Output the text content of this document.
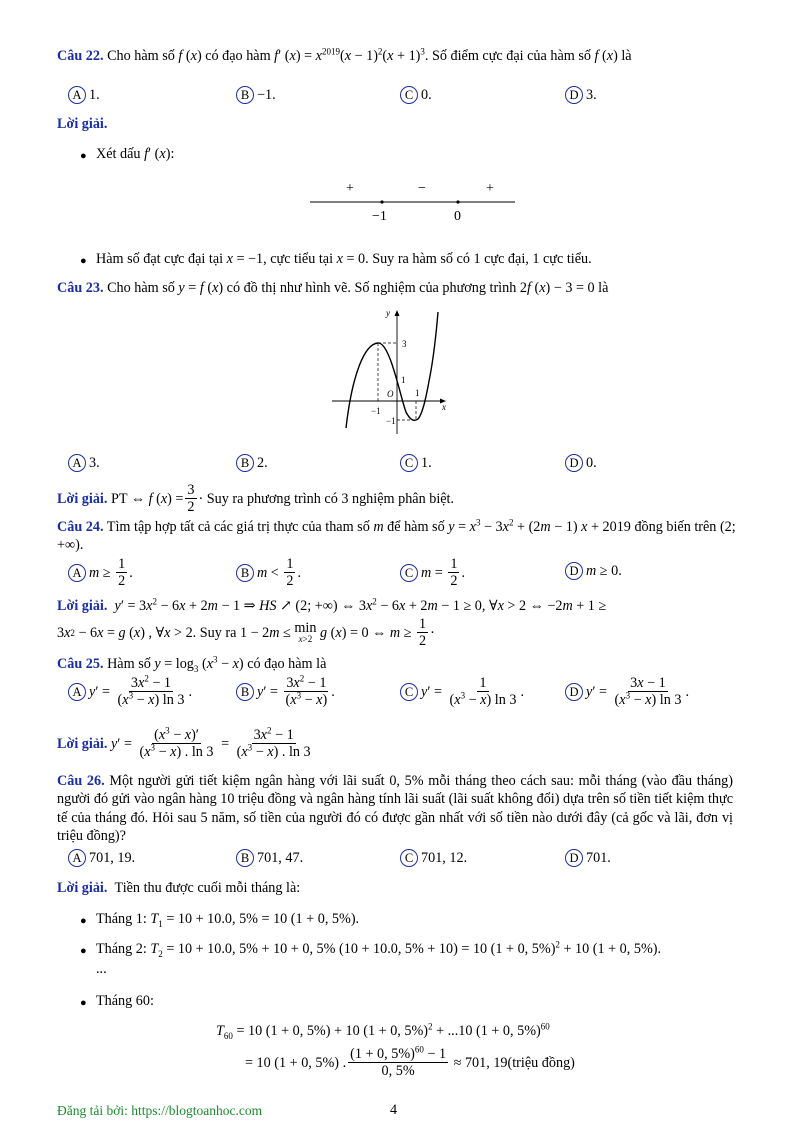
Câu 22. Cho hàm số f (x) có đạo hàm f′ $(x) = x^{2019}(x - 1)^2(x + 1)^3$. Số điểm cực đại của hàm số f (x) là
A 1.	B −1.	C 0.	D 3.
Lời giải.
● Xét dấu f′ (x):
+	−	+
−1	0
● Hàm số đạt cực đại tại x = −1, cực tiểu tại x = 0. Suy ra hàm số có 1 cực đại, 1 cực tiểu.
Câu 23. Cho hàm số y = f (x) có đồ thị như hình vẽ. Số nghiệm của phương trình 2f (x) − 3 = 0 là
y
x
O
3
1
1
−1
−1
A 3.	B 2.	C 1.	D 0.
Lời giải. PT ⇔ f ( x ) = $\frac{3}{2}$ · Suy ra phương trình có 3 nghiệm phân biệt.
Câu 24. Tìm tập hợp tất cả các giá trị thực của tham số m để hàm số $y = x^3 - 3x^2 + (2m - 1) x + 2019$ đồng biến trên (2; +∞).
A $m \ge \frac{1}{2}$ .	B $m < \frac{1}{2}$ .	C $m = \frac{1}{2}$ .	D m ≥ 0.
Lời giải. $y' = 3x^2 - 6x + 2m - 1$ ⇒ HS ↗ (2; +∞) ⇔ $3x^2 - 6x + 2m - 1 \ge 0$, ∀x > 2 ⇔ −2m + 1 ≥
3 x 2 − 6 x = g ( x ) , ∀ x > 2. Suy ra 1 − 2 m ≤ min
x>2
g ( x ) = 0 ⇔ $m \ge \frac{1}{2}$ ·
Câu 25. Hàm số $y = \log_3 (x^3 - x)$ có đạo hàm là
A y ′ = $\frac{3x^2 - 1}{(x^3 - x) \ln 3}$ .	B y ′ = $\frac{3x^2 - 1}{(x^3 - x)}$ .	C y ′ = $\frac{1}{(x^3 - x) \ln 3}$ .	D y ′ = $\frac{3x - 1}{(x^3 - x) \ln 3}$ .
Lời giải.
y ′ = $\frac{(x^3 - x)'}{(x^3 - x) . \ln 3} = \frac{3x^2 - 1}{(x^3 - x) . \ln 3}$
Câu 26. Một người gửi tiết kiệm ngân hàng với lãi suất 0, 5% mỗi tháng theo cách sau: mỗi tháng (vào đầu tháng) người đó gửi vào ngân hàng 10 triệu đồng và ngân hàng tính lãi suất (lãi suất không đổi) dựa trên số tiền tiết kiệm thực tế của tháng đó. Hỏi sau 5 năm, số tiền của người đó có được gần nhất với số tiền nào dưới đây (cả gốc và lãi, đơn vị triệu đồng)?
A 701, 19.	B 701, 47.	C 701, 12.	D 701.
Lời giải. Tiền thu được cuối mỗi tháng là:
● Tháng 1: $T_1 = 10 + 10.0$, 5% = 10 (1 + 0, 5%).
● Tháng 2: $T_2 = 10 + 10.0$, 5% + 10 + 0, 5% (10 + 10.0, 5% + 10) = 10 (1 + 0, 5%)$^2$ + 10 (1 + 0, 5%).
...
● Tháng 60:
$T_{60} = 10$ (1 + 0, 5%) + 10 (1 + 0, 5%)$^2$ + ...10 (1 + 0, 5%)$^{60}$
= 10 (1 + 0, 5%) . $\frac{(1 + 0, 5\%)^{60} - 1}{0, 5\%} \approx 701$, 19(triệu đồng)
Đăng tải bởi: https://blogtoanhoc.com	4
